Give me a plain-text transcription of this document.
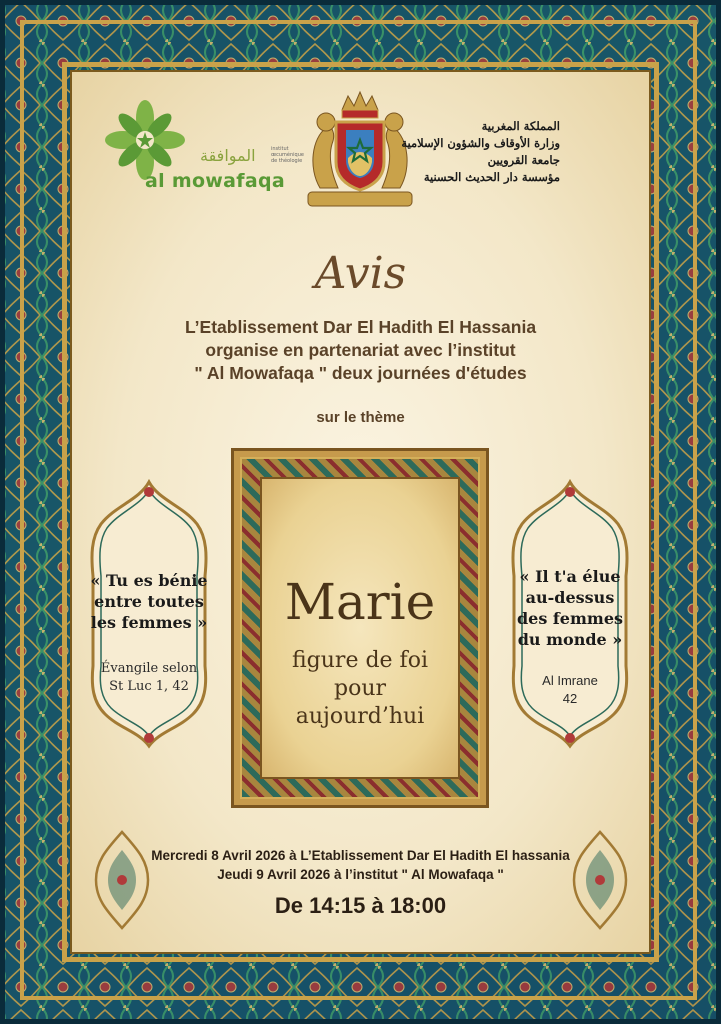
الموافقة	institut œcuménique de théologie
al mowafaqa
المملكة المغربية
وزارة الأوقاف والشؤون الإسلامية
جامعة القرويين
مؤسسة دار الحديث الحسنية
Avis
L’Etablissement Dar El Hadith El Hassania
organise en partenariat avec l’institut
" Al Mowafaqa " deux journées d'études
sur le thème
Marie
figure de foi
pour
aujourd’hui
« Tu es bénie
entre toutes
les femmes »
Évangile selon
St Luc 1, 42
« Il t'a élue
au-dessus
des femmes
du monde »
Al Imrane
42
Mercredi 8 Avril 2026 à L’Etablissement Dar El Hadith El hassania
Jeudi 9 Avril 2026 à l’institut " Al Mowafaqa "
De 14:15 à 18:00
